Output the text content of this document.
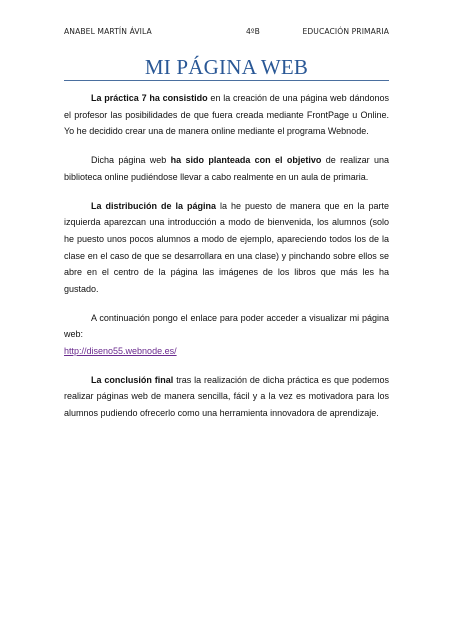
ANABEL MARTÍN ÁVILA	4ºB	EDUCACIÓN PRIMARIA
MI PÁGINA WEB

La práctica 7 ha consistido en la creación de una página web dándonos el profesor las posibilidades de que fuera creada mediante FrontPage u Online. Yo he decidido crear una de manera online mediante el programa Webnode.

Dicha página web ha sido planteada con el objetivo de realizar una biblioteca online pudiéndose llevar a cabo realmente en un aula de primaria.

La distribución de la página la he puesto de manera que en la parte izquierda aparezcan una introducción a modo de bienvenida, los alumnos (solo he puesto unos pocos alumnos a modo de ejemplo, apareciendo todos los de la clase en el caso de que se desarrollara en una clase) y pinchando sobre ellos se abre en el centro de la página las imágenes de los libros que más les ha gustado.

A continuación pongo el enlace para poder acceder a visualizar mi página web:

http://diseno55.webnode.es/

La conclusión final tras la realización de dicha práctica es que podemos realizar páginas web de manera sencilla, fácil y a la vez es motivadora para los alumnos pudiendo ofrecerlo como una herramienta innovadora de aprendizaje.
